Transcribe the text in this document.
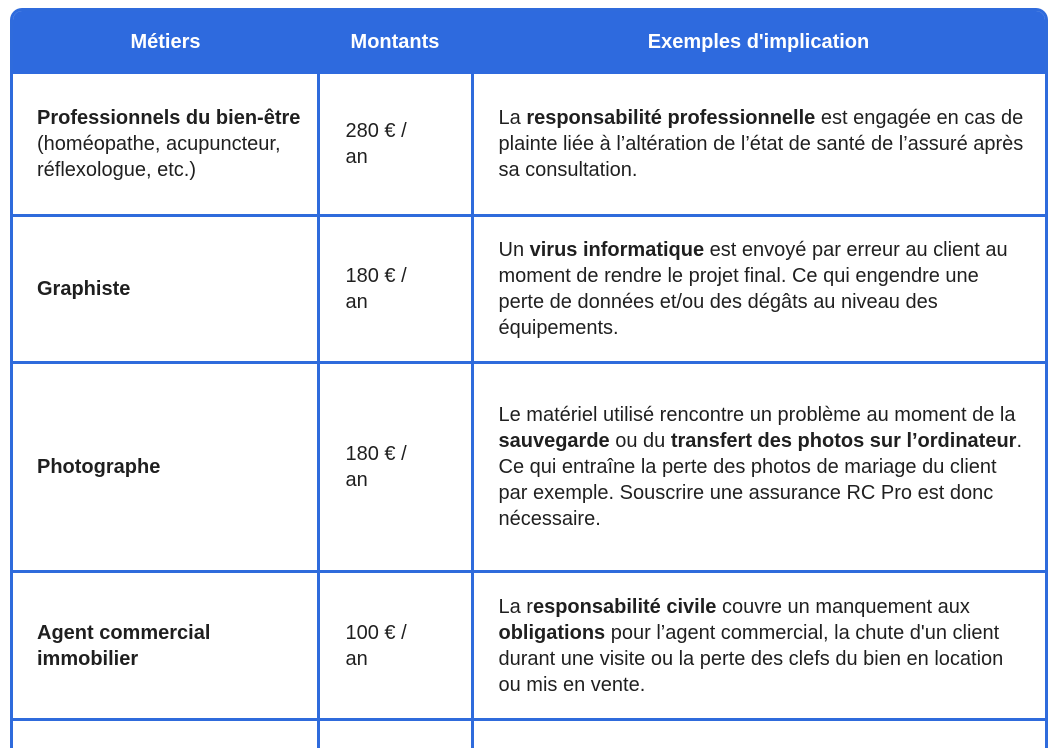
Métiers	Montants	Exemples d'implication
Professionnels du bien-être (homéopathe, acupuncteur, réflexologue, etc.)	280 € / an	La responsabilité professionnelle est engagée en cas de plainte liée à l’altération de l’état de santé de l’assuré après sa consultation.
Graphiste	180 € / an	Un virus informatique est envoyé par erreur au client au moment de rendre le projet final. Ce qui engendre une perte de données et/ou des dégâts au niveau des équipements.
Photographe	180 € / an	Le matériel utilisé rencontre un problème au moment de la sauvegarde ou du transfert des photos sur l’ordinateur. Ce qui entraîne la perte des photos de mariage du client par exemple. Souscrire une assurance RC Pro est donc nécessaire.
Agent commercial immobilier	100 € / an	La responsabilité civile couvre un manquement aux obligations pour l’agent commercial, la chute d'un client durant une visite ou la perte des clefs du bien en location ou mis en vente.
